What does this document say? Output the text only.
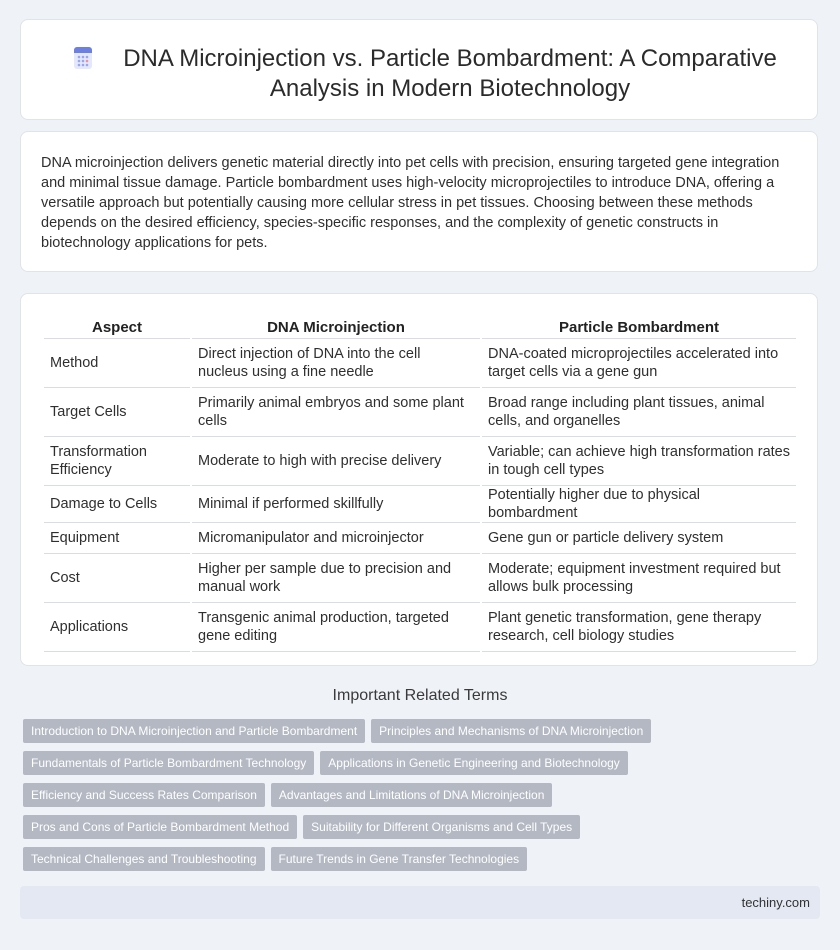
DNA Microinjection vs. Particle Bombardment: A Comparative Analysis in Modern Biotechnology
DNA microinjection delivers genetic material directly into pet cells with precision, ensuring targeted gene integration and minimal tissue damage. Particle bombardment uses high-velocity microprojectiles to introduce DNA, offering a versatile approach but potentially causing more cellular stress in pet tissues. Choosing between these methods depends on the desired efficiency, species-specific responses, and the complexity of genetic constructs in biotechnology applications for pets.
Aspect	DNA Microinjection	Particle Bombardment
Method	Direct injection of DNA into the cell nucleus using a fine needle	DNA-coated microprojectiles accelerated into target cells via a gene gun
Target Cells	Primarily animal embryos and some plant cells	Broad range including plant tissues, animal cells, and organelles
Transformation Efficiency	Moderate to high with precise delivery	Variable; can achieve high transformation rates in tough cell types
Damage to Cells	Minimal if performed skillfully	Potentially higher due to physical bombardment
Equipment	Micromanipulator and microinjector	Gene gun or particle delivery system
Cost	Higher per sample due to precision and manual work	Moderate; equipment investment required but allows bulk processing
Applications	Transgenic animal production, targeted gene editing	Plant genetic transformation, gene therapy research, cell biology studies
Important Related Terms
Introduction to DNA Microinjection and Particle Bombardment Principles and Mechanisms of DNA Microinjection
Fundamentals of Particle Bombardment Technology Applications in Genetic Engineering and Biotechnology
Efficiency and Success Rates Comparison Advantages and Limitations of DNA Microinjection
Pros and Cons of Particle Bombardment Method Suitability for Different Organisms and Cell Types
Technical Challenges and Troubleshooting Future Trends in Gene Transfer Technologies
techiny.com
